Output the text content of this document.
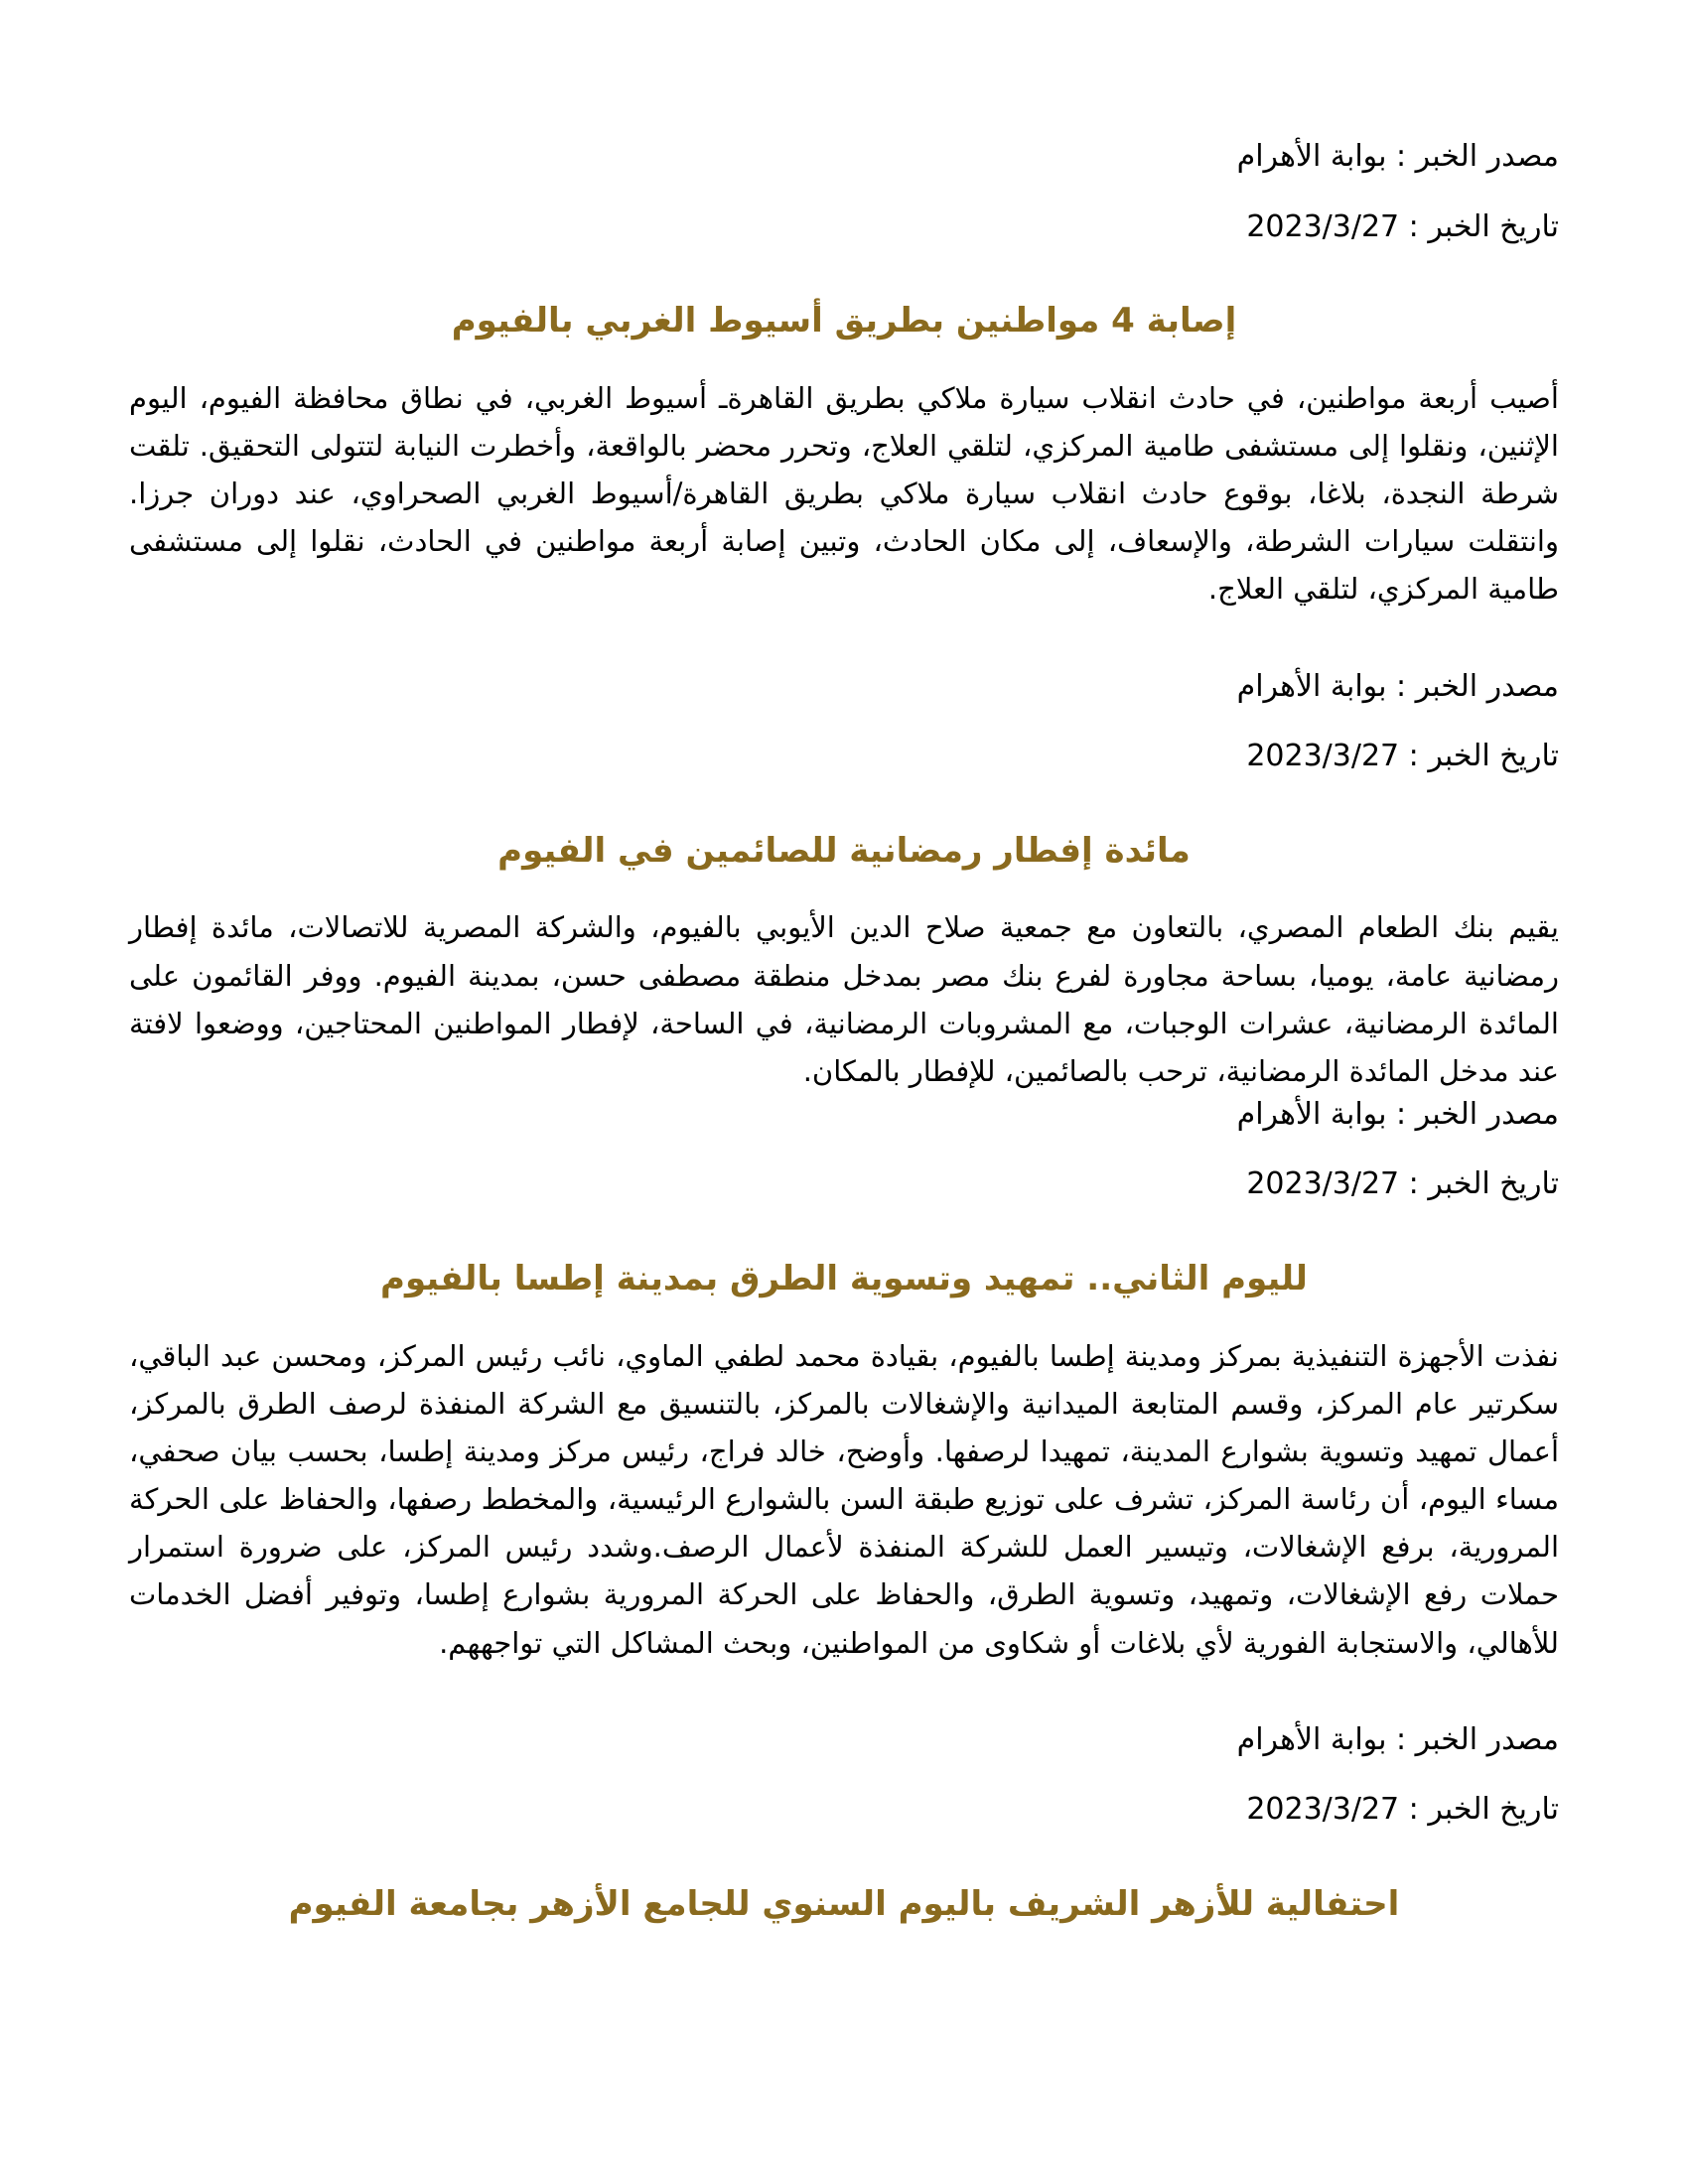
مصدر الخبر : بوابة الأهرام

تاريخ الخبر : 2023/3/27

إصابة 4 مواطنين بطريق أسيوط الغربي بالفيوم

أصيب أربعة مواطنين، في حادث انقلاب سيارة ملاكي بطريق القاهرةـ أسيوط الغربي، في نطاق محافظة الفيوم، اليوم الإثنين، ونقلوا إلى مستشفى طامية المركزي، لتلقي العلاج، وتحرر محضر بالواقعة، وأخطرت النيابة لتتولى التحقيق. تلقت شرطة النجدة، بلاغا، بوقوع حادث انقلاب سيارة ملاكي بطريق القاهرة/أسيوط الغربي الصحراوي، عند دوران جرزا. وانتقلت سيارات الشرطة، والإسعاف، إلى مكان الحادث، وتبين إصابة أربعة مواطنين في الحادث، نقلوا إلى مستشفى طامية المركزي، لتلقي العلاج.

مصدر الخبر : بوابة الأهرام

تاريخ الخبر : 2023/3/27

مائدة إفطار رمضانية للصائمين في الفيوم

يقيم بنك الطعام المصري، بالتعاون مع جمعية صلاح الدين الأيوبي بالفيوم، والشركة المصرية للاتصالات، مائدة إفطار رمضانية عامة، يوميا، بساحة مجاورة لفرع بنك مصر بمدخل منطقة مصطفى حسن، بمدينة الفيوم. ووفر القائمون على المائدة الرمضانية، عشرات الوجبات، مع المشروبات الرمضانية، في الساحة، لإفطار المواطنين المحتاجين، ووضعوا لافتة عند مدخل المائدة الرمضانية، ترحب بالصائمين، للإفطار بالمكان.

مصدر الخبر : بوابة الأهرام

تاريخ الخبر : 2023/3/27

لليوم الثاني.. تمهيد وتسوية الطرق بمدينة إطسا بالفيوم

نفذت الأجهزة التنفيذية بمركز ومدينة إطسا بالفيوم، بقيادة محمد لطفي الماوي، نائب رئيس المركز، ومحسن عبد الباقي، سكرتير عام المركز، وقسم المتابعة الميدانية والإشغالات بالمركز، بالتنسيق مع الشركة المنفذة لرصف الطرق بالمركز، أعمال تمهيد وتسوية بشوارع المدينة، تمهيدا لرصفها. وأوضح، خالد فراج، رئيس مركز ومدينة إطسا، بحسب بيان صحفي، مساء اليوم، أن رئاسة المركز، تشرف على توزيع طبقة السن بالشوارع الرئيسية، والمخطط رصفها، والحفاظ على الحركة المرورية، برفع الإشغالات، وتيسير العمل للشركة المنفذة لأعمال الرصف.وشدد رئيس المركز، على ضرورة استمرار حملات رفع الإشغالات، وتمهيد، وتسوية الطرق، والحفاظ على الحركة المرورية بشوارع إطسا، وتوفير أفضل الخدمات للأهالي، والاستجابة الفورية لأي بلاغات أو شكاوى من المواطنين، وبحث المشاكل التي تواجههم.

مصدر الخبر : بوابة الأهرام

تاريخ الخبر : 2023/3/27

احتفالية للأزهر الشريف باليوم السنوي للجامع الأزهر بجامعة الفيوم
